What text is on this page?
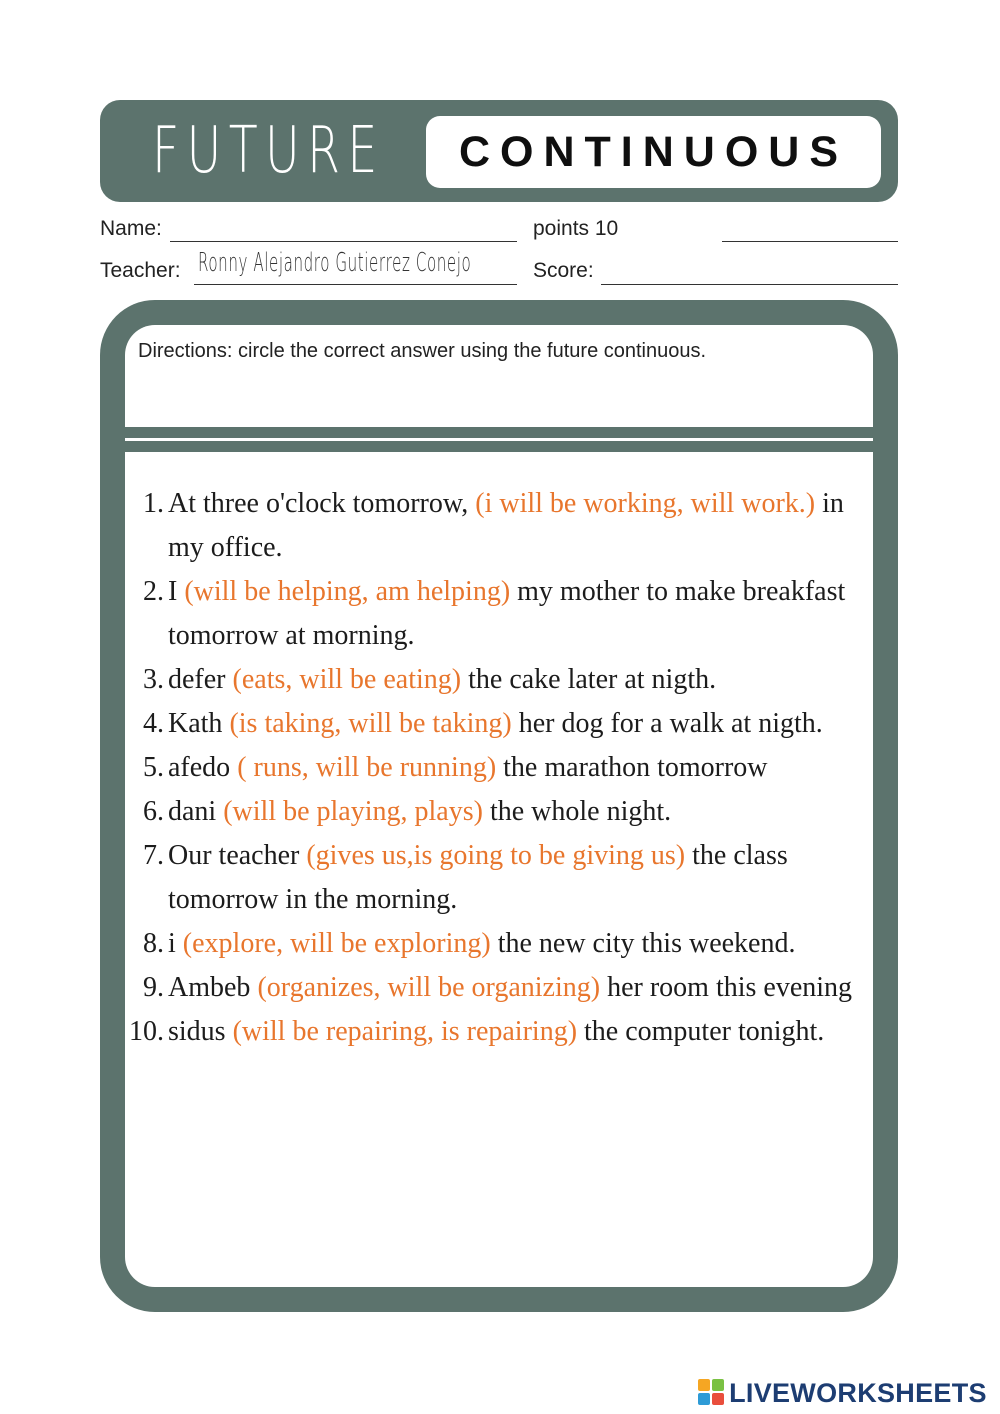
FUTURE	CONTINUOUS
Name:	points 10
Teacher: Ronny Alejandro Gutierrez Conejo	Score:
Directions: circle the correct answer using the future continuous.
1. At three o'clock tomorrow, (i will be working, will work.) in my office.
2. I (will be helping, am helping) my mother to make breakfast tomorrow at morning.
3. defer (eats, will be eating) the cake later at nigth.
4. Kath (is taking, will be taking) her dog for a walk at nigth.
5. afedo ( runs, will be running) the marathon tomorrow
6. dani (will be playing, plays) the whole night.
7. Our teacher (gives us,is going to be giving us) the class tomorrow in the morning.
8. i (explore, will be exploring) the new city this weekend.
9. Ambeb (organizes, will be organizing) her room this evening
10. sidus (will be repairing, is repairing) the computer tonight.
LIVEWORKSHEETS
